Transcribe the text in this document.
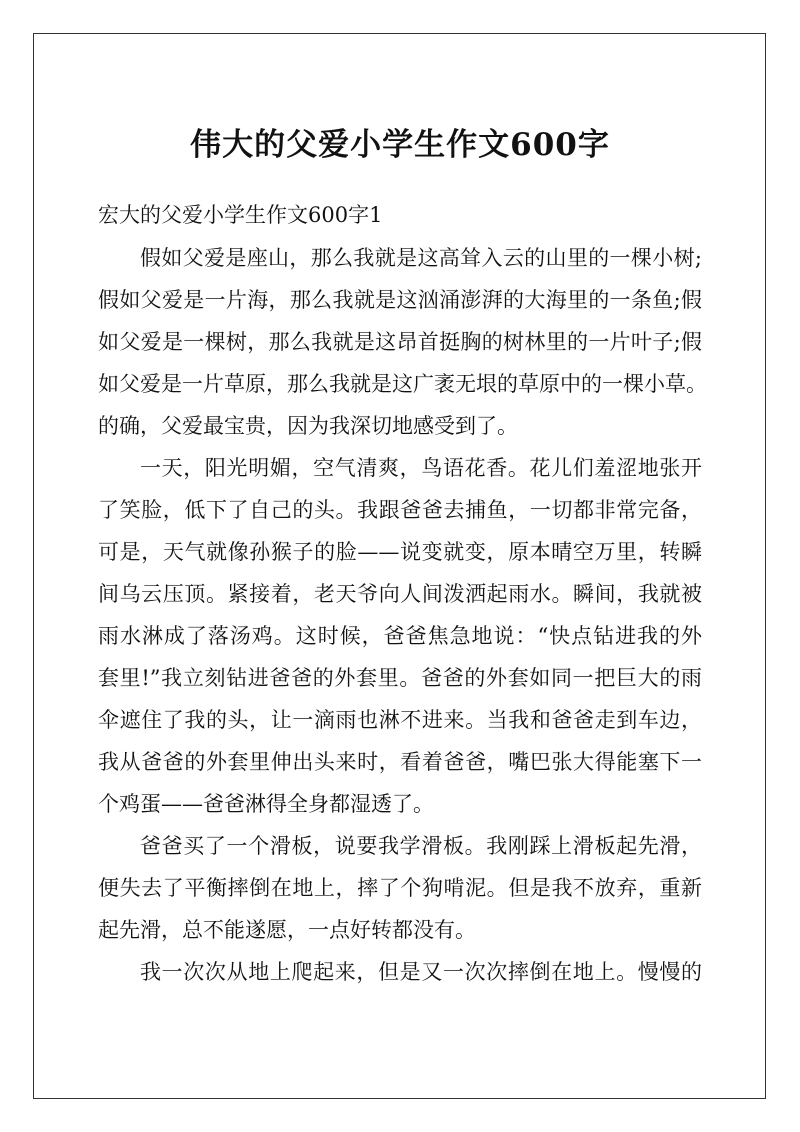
伟大的父爱小学生作文600字

宏大的父爱小学生作文600字1

假如父爱是座山，那么我就是这高耸入云的山里的一棵小树;

假如父爱是一片海，那么我就是这汹涌澎湃的大海里的一条鱼;假

如父爱是一棵树，那么我就是这昂首挺胸的树林里的一片叶子;假

如父爱是一片草原，那么我就是这广袤无垠的草原中的一棵小草。

的确，父爱最宝贵，因为我深切地感受到了。

一天，阳光明媚，空气清爽，鸟语花香。花儿们羞涩地张开

了笑脸，低下了自己的头。我跟爸爸去捕鱼，一切都非常完备，

可是，天气就像孙猴子的脸——说变就变，原本晴空万里，转瞬

间乌云压顶。紧接着，老天爷向人间泼洒起雨水。瞬间，我就被

雨水淋成了落汤鸡。这时候，爸爸焦急地说：“快点钻进我的外

套里!”我立刻钻进爸爸的外套里。爸爸的外套如同一把巨大的雨

伞遮住了我的头，让一滴雨也淋不进来。当我和爸爸走到车边，

我从爸爸的外套里伸出头来时，看着爸爸，嘴巴张大得能塞下一

个鸡蛋——爸爸淋得全身都湿透了。

爸爸买了一个滑板，说要我学滑板。我刚踩上滑板起先滑，

便失去了平衡摔倒在地上，摔了个狗啃泥。但是我不放弃，重新

起先滑，总不能遂愿，一点好转都没有。

我一次次从地上爬起来，但是又一次次摔倒在地上。慢慢的
